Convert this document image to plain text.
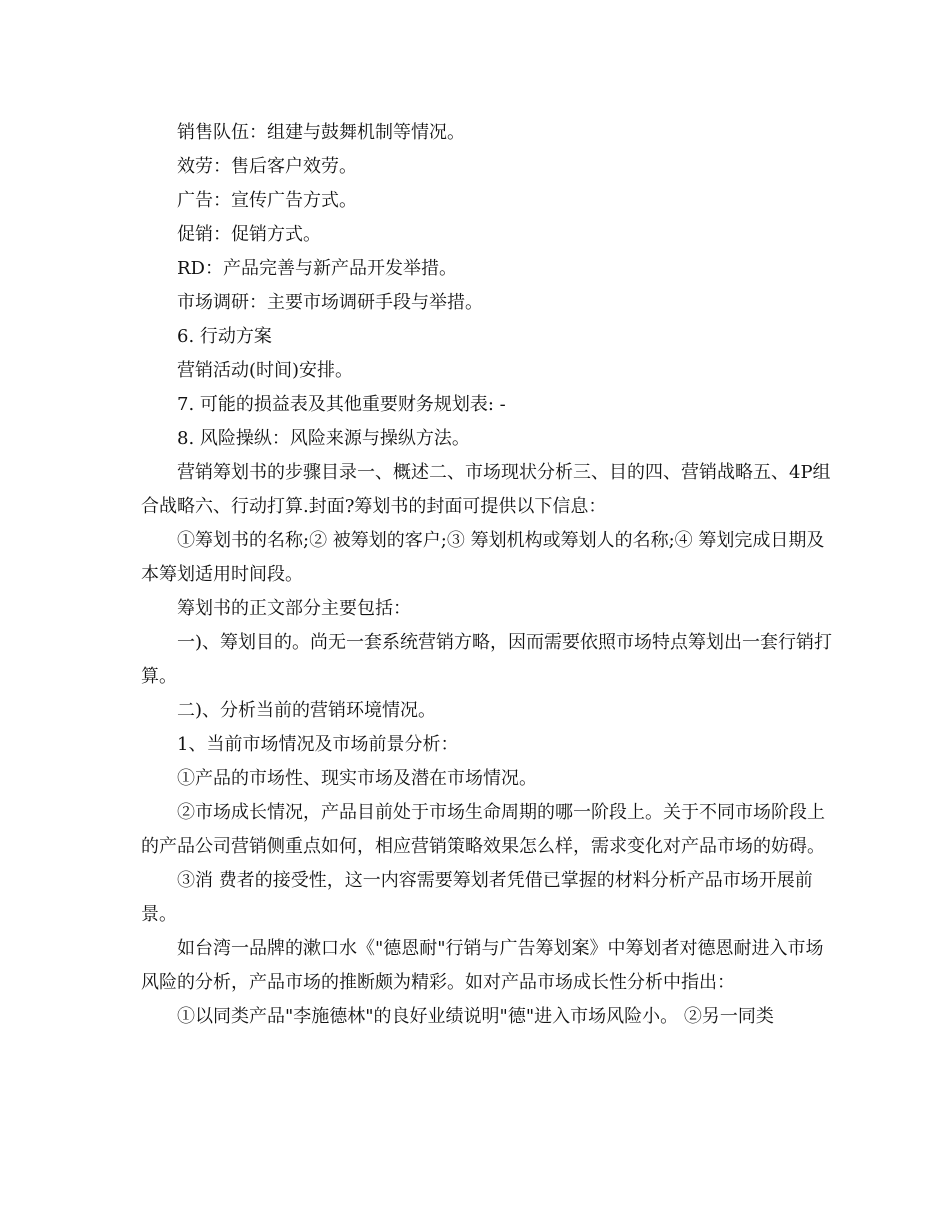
销售队伍：组建与鼓舞机制等情况。

效劳：售后客户效劳。

广告：宣传广告方式。

促销：促销方式。

RD：产品完善与新产品开发举措。

市场调研：主要市场调研手段与举措。

6. 行动方案

营销活动(时间)安排。

7. 可能的损益表及其他重要财务规划表: -

8. 风险操纵：风险来源与操纵方法。

营销筹划书的步骤目录一、概述二、市场现状分析三、目的四、营销战略五、4P组合战略六、行动打算.封面?筹划书的封面可提供以下信息：

①筹划书的名称;② 被筹划的客户;③ 筹划机构或筹划人的名称;④ 筹划完成日期及本筹划适用时间段。

筹划书的正文部分主要包括：

一)、筹划目的。尚无一套系统营销方略，因而需要依照市场特点筹划出一套行销打算。

二)、分析当前的营销环境情况。

1、当前市场情况及市场前景分析：

①产品的市场性、现实市场及潜在市场情况。

②市场成长情况，产品目前处于市场生命周期的哪一阶段上。关于不同市场阶段上的产品公司营销侧重点如何，相应营销策略效果怎么样，需求变化对产品市场的妨碍。

③消 费者的接受性，这一内容需要筹划者凭借已掌握的材料分析产品市场开展前景。

如台湾一品牌的漱口水《"德恩耐"行销与广告筹划案》中筹划者对德恩耐进入市场风险的分析，产品市场的推断颇为精彩。如对产品市场成长性分析中指出：

①以同类产品"李施德林"的良好业绩说明"德"进入市场风险小。 ②另一同类
